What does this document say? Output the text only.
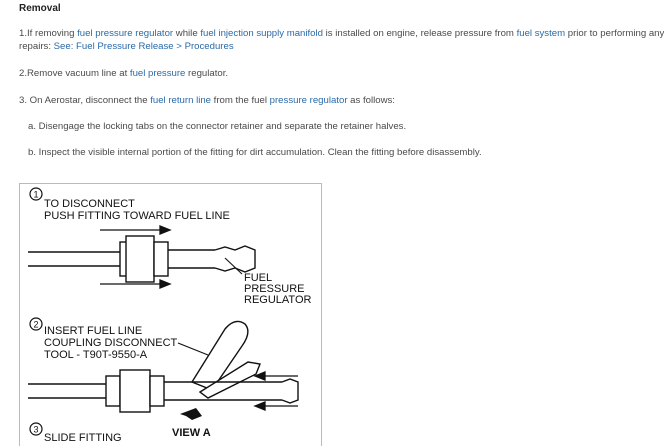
Removal
1.If removing fuel pressure regulator while fuel injection supply manifold is installed on engine, release pressure from fuel system prior to performing any
repairs: See: Fuel Pressure Release > Procedures
2.Remove vacuum line at fuel pressure regulator.
3. On Aerostar, disconnect the fuel return line from the fuel pressure regulator as follows:
a. Disengage the locking tabs on the connector retainer and separate the retainer halves.
b. Inspect the visible internal portion of the fitting for dirt accumulation. Clean the fitting before disassembly.
1
TO DISCONNECT
PUSH FITTING TOWARD FUEL LINE
FUEL
PRESSURE
REGULATOR
2
INSERT FUEL LINE
COUPLING DISCONNECT
TOOL - T90T-9550-A
VIEW A
3
SLIDE FITTING
